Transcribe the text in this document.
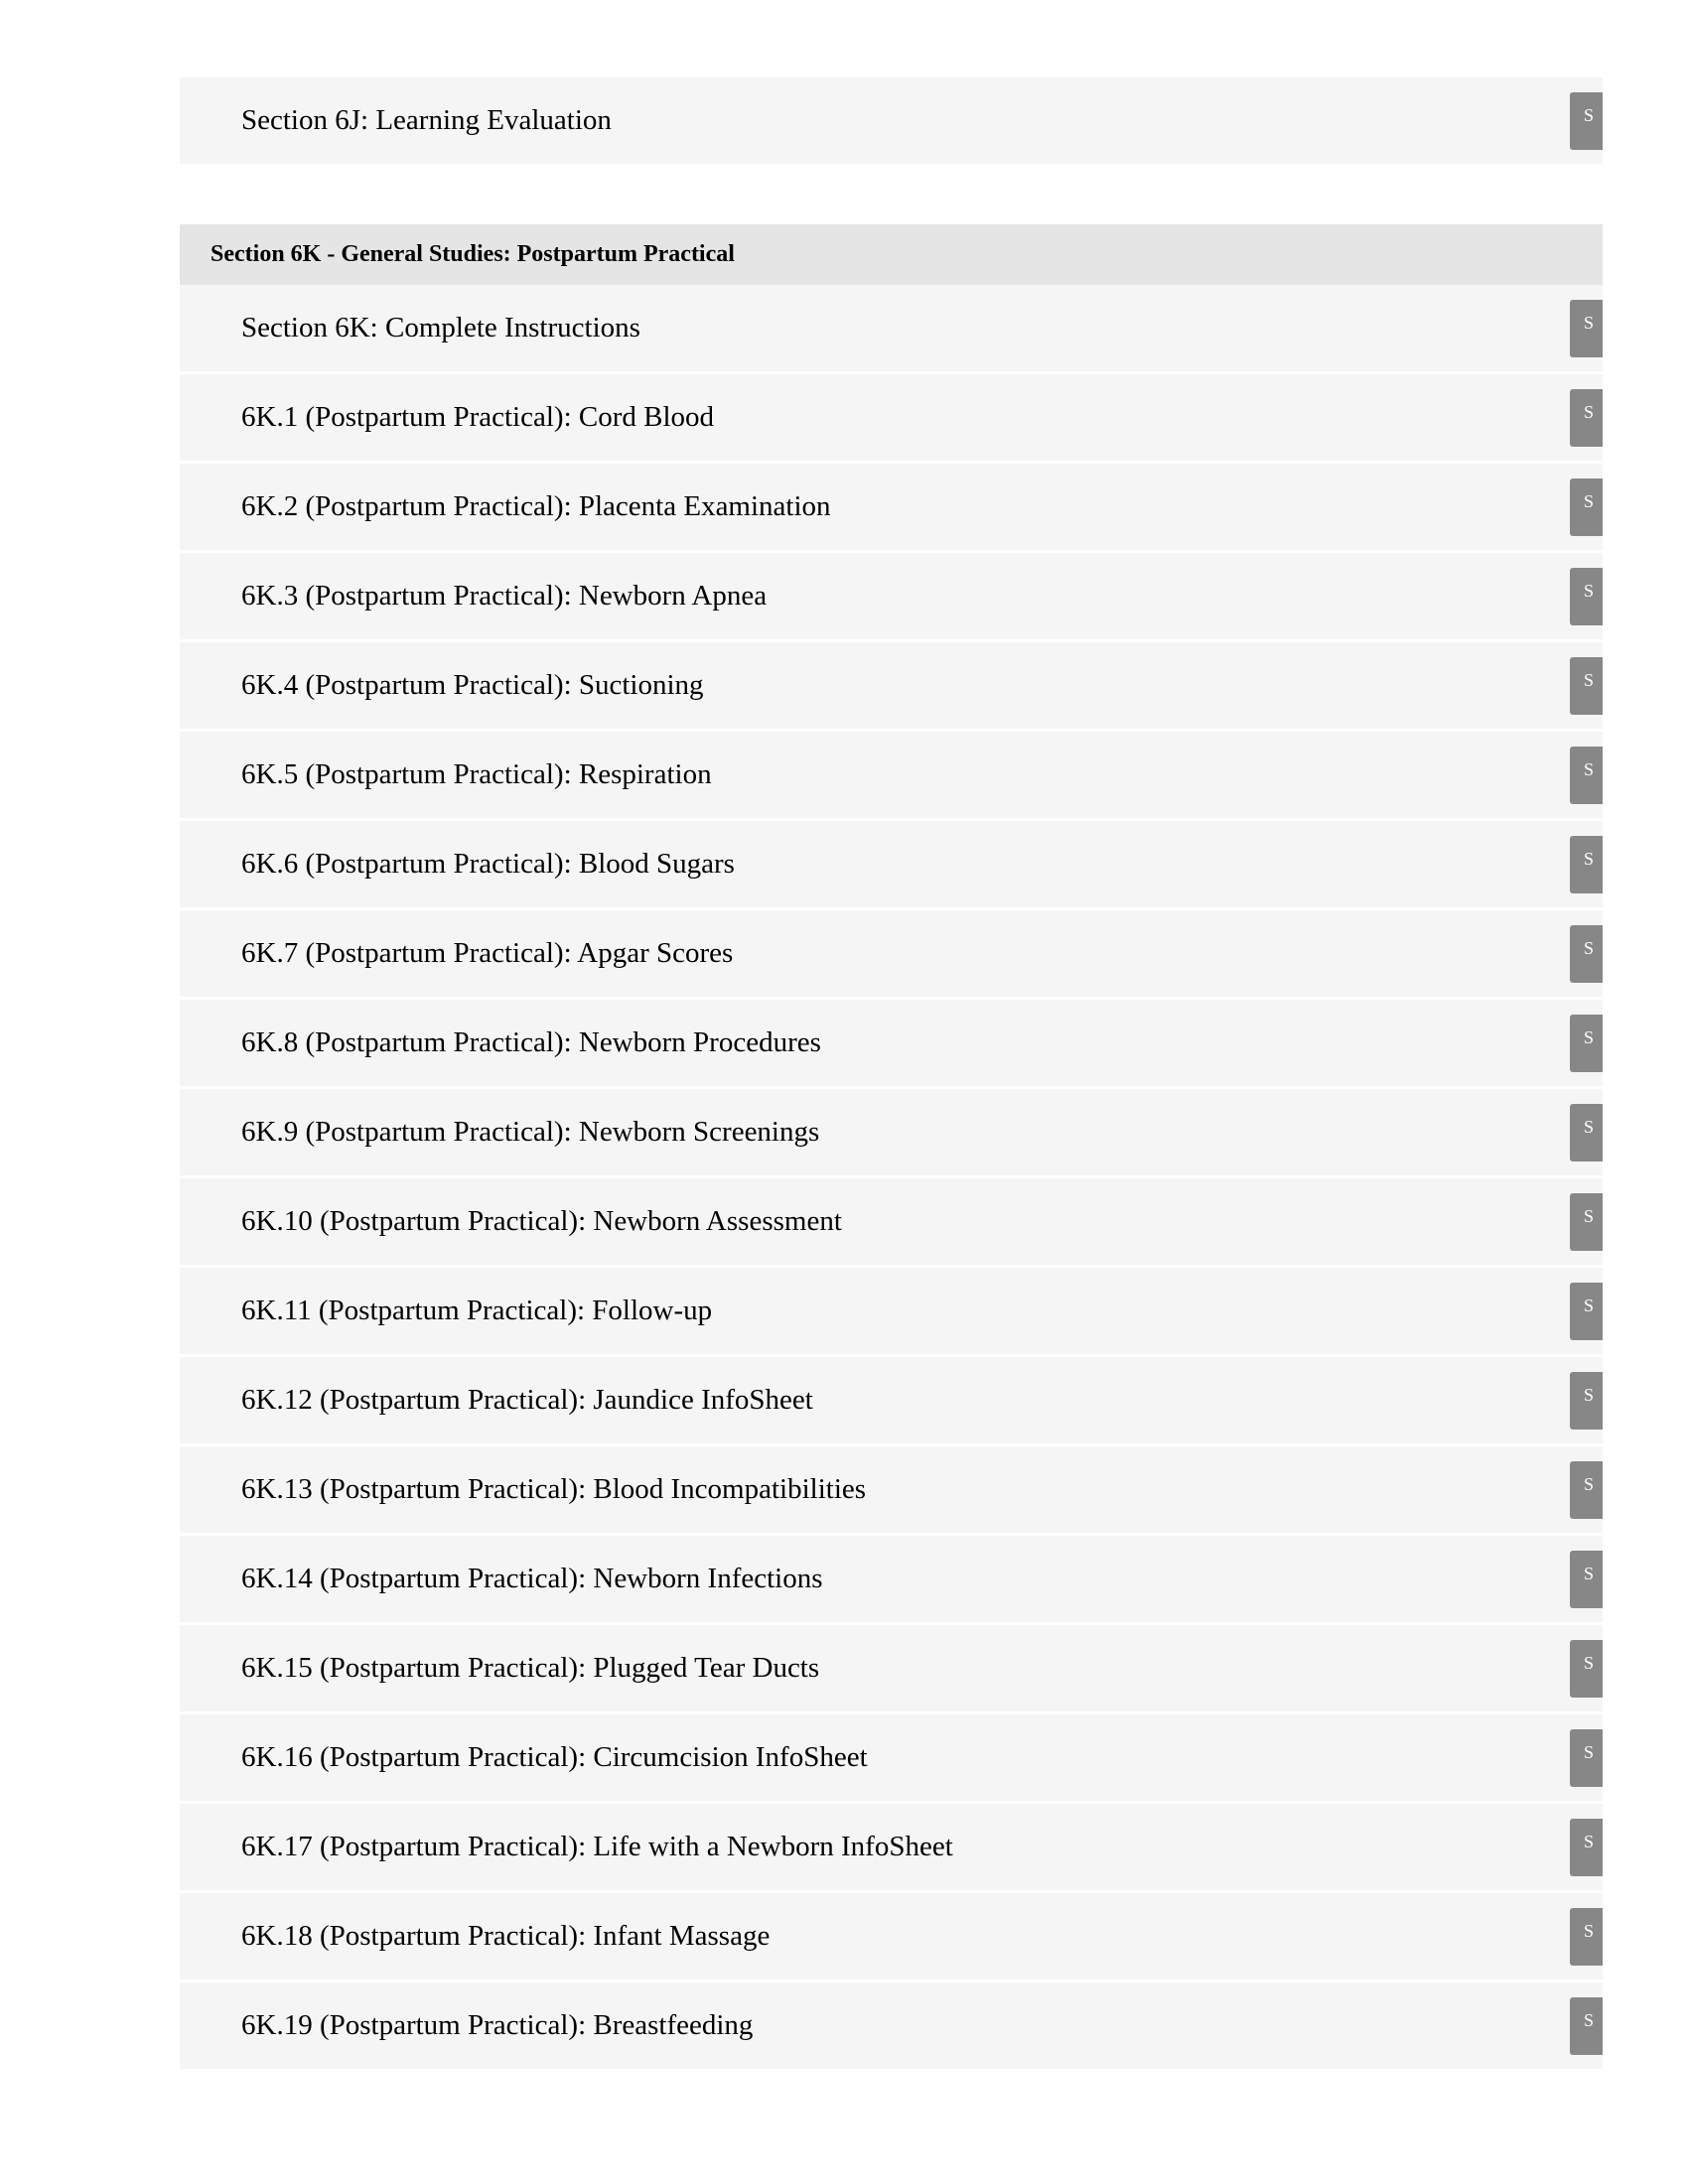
Section 6J: Learning Evaluation	S
Section 6K - General Studies: Postpartum Practical
Section 6K: Complete Instructions	S
6K.1 (Postpartum Practical): Cord Blood	S
6K.2 (Postpartum Practical): Placenta Examination	S
6K.3 (Postpartum Practical): Newborn Apnea	S
6K.4 (Postpartum Practical): Suctioning	S
6K.5 (Postpartum Practical): Respiration	S
6K.6 (Postpartum Practical): Blood Sugars	S
6K.7 (Postpartum Practical): Apgar Scores	S
6K.8 (Postpartum Practical): Newborn Procedures	S
6K.9 (Postpartum Practical): Newborn Screenings	S
6K.10 (Postpartum Practical): Newborn Assessment	S
6K.11 (Postpartum Practical): Follow-up	S
6K.12 (Postpartum Practical): Jaundice InfoSheet	S
6K.13 (Postpartum Practical): Blood Incompatibilities	S
6K.14 (Postpartum Practical): Newborn Infections	S
6K.15 (Postpartum Practical): Plugged Tear Ducts	S
6K.16 (Postpartum Practical): Circumcision InfoSheet	S
6K.17 (Postpartum Practical): Life with a Newborn InfoSheet	S
6K.18 (Postpartum Practical): Infant Massage	S
6K.19 (Postpartum Practical): Breastfeeding	S
